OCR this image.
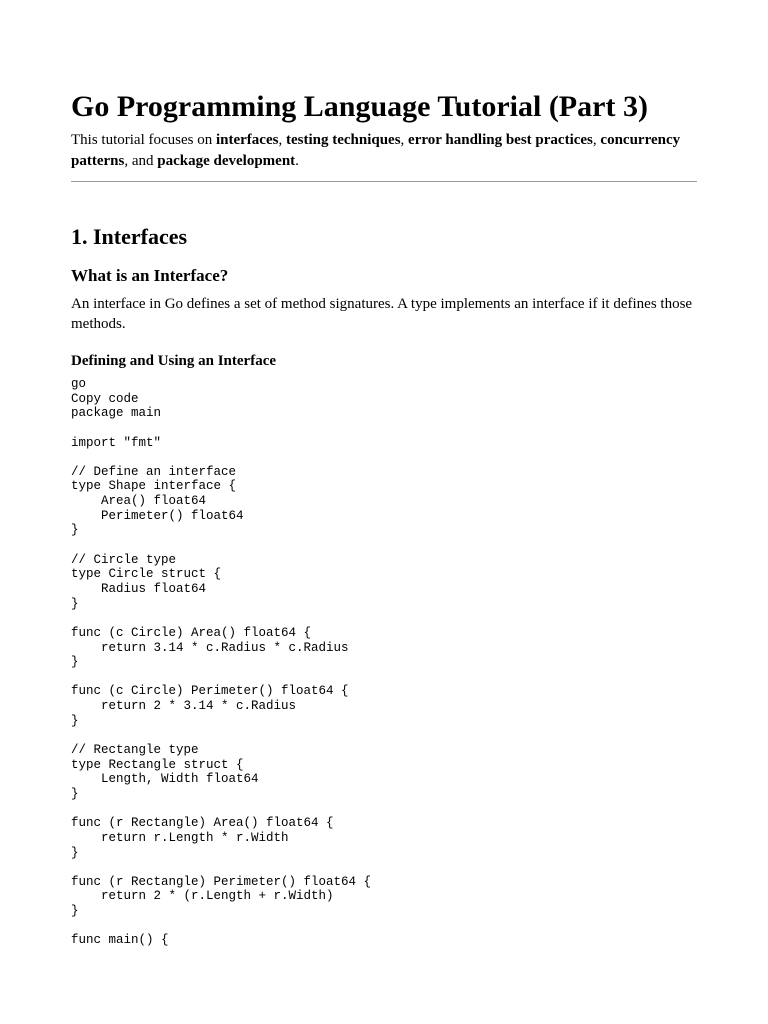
Go Programming Language Tutorial (Part 3)

This tutorial focuses on interfaces, testing techniques, error handling best practices, concurrency patterns, and package development.

1. Interfaces
What is an Interface?

An interface in Go defines a set of method signatures. A type implements an interface if it defines those methods.

Defining and Using an Interface
go
Copy code
package main
import "fmt"
// Define an interface
type Shape interface {
Area() float64
Perimeter() float64
}
// Circle type
type Circle struct {
Radius float64
}
func (c Circle) Area() float64 {
return 3.14 * c.Radius * c.Radius
}
func (c Circle) Perimeter() float64 {
return 2 * 3.14 * c.Radius
}
// Rectangle type
type Rectangle struct {
Length, Width float64
}
func (r Rectangle) Area() float64 {
return r.Length * r.Width
}
func (r Rectangle) Perimeter() float64 {
return 2 * (r.Length + r.Width)
}
func main() {
